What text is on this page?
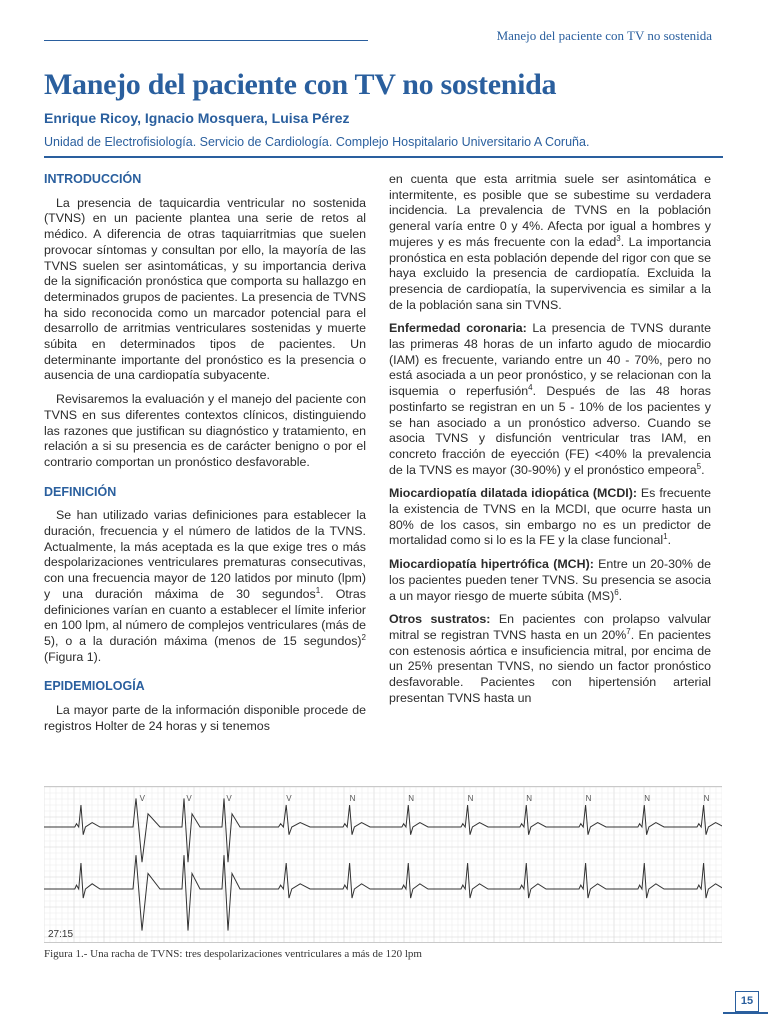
Manejo del paciente con TV no sostenida
Manejo del paciente con TV no sostenida
Enrique Ricoy, Ignacio Mosquera, Luisa Pérez
Unidad de Electrofisiología. Servicio de Cardiología. Complejo Hospitalario Universitario A Coruña.
INTRODUCCIÓN

La presencia de taquicardia ventricular no sostenida (TVNS) en un paciente plantea una serie de retos al médico. A diferencia de otras taquiarritmias que suelen provocar síntomas y consultan por ello, la mayoría de las TVNS suelen ser asintomáticas, y su importancia deriva de la significación pronóstica que comporta su hallazgo en determinados grupos de pacientes. La presencia de TVNS ha sido reconocida como un marcador potencial para el desarrollo de arritmias ventriculares sostenidas y muerte súbita en determinados tipos de pacientes. Un determinante importante del pronóstico es la presencia o ausencia de una cardiopatía subyacente.

Revisaremos la evaluación y el manejo del paciente con TVNS en sus diferentes contextos clínicos, distinguiendo las razones que justifican su diagnóstico y tratamiento, en relación a si su presencia es de carácter benigno o por el contrario comportan un pronóstico desfavorable.

DEFINICIÓN

Se han utilizado varias definiciones para establecer la duración, frecuencia y el número de latidos de la TVNS. Actualmente, la más aceptada es la que exige tres o más despolarizaciones ventriculares prematuras consecutivas, con una frecuencia mayor de 120 latidos por minuto (lpm) y una duración máxima de 30 segundos$^1$. Otras definiciones varían en cuanto a establecer el límite inferior en 100 lpm, al número de complejos ventriculares (más de 5), o a la duración máxima (menos de 15 segundos)$^2$ (Figura 1).

EPIDEMIOLOGÍA

La mayor parte de la información disponible procede de registros Holter de 24 horas y si tenemos

en cuenta que esta arritmia suele ser asintomática e intermitente, es posible que se subestime su verdadera incidencia. La prevalencia de TVNS en la población general varía entre 0 y 4%. Afecta por igual a hombres y mujeres y es más frecuente con la edad$^3$. La importancia pronóstica en esta población depende del rigor con que se haya excluido la presencia de cardiopatía. Excluida la presencia de cardiopatía, la supervivencia es similar a la de la población sana sin TVNS.

Enfermedad coronaria: La presencia de TVNS durante las primeras 48 horas de un infarto agudo de miocardio (IAM) es frecuente, variando entre un 40 - 70%, pero no está asociada a un peor pronóstico, y se relacionan con la isquemia o reperfusión$^4$. Después de las 48 horas postinfarto se registran en un 5 - 10% de los pacientes y se han asociado a un pronóstico adverso. Cuando se asocia TVNS y disfunción ventricular tras IAM, en concreto fracción de eyección (FE) <40% la prevalencia de la TVNS es mayor (30-90%) y el pronóstico empeora$^5$.

Miocardiopatía dilatada idiopática (MCDI): Es frecuente la existencia de TVNS en la MCDI, que ocurre hasta un 80% de los casos, sin embargo no es un predictor de mortalidad como si lo es la FE y la clase funcional$^1$.

Miocardiopatía hipertrófica (MCH): Entre un 20-30% de los pacientes pueden tener TVNS. Su presencia se asocia a un mayor riesgo de muerte súbita (MS)$^6$.

Otros sustratos: En pacientes con prolapso valvular mitral se registran TVNS hasta en un 20%$^7$. En pacientes con estenosis aórtica e insuficiencia mitral, por encima de un 25% presentan TVNS, no siendo un factor pronóstico desfavorable. Pacientes con hipertensión arterial presentan TVNS hasta un

V	V	V	V	N	N	N	N	N	N	N
27:15
Figura 1.- Una racha de TVNS: tres despolarizaciones ventriculares a más de 120 lpm
15
